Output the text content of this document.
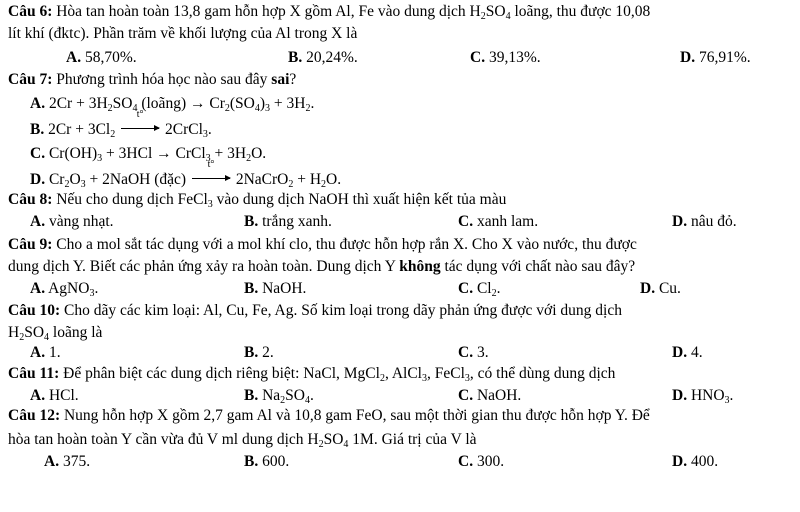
Câu 6: Hòa tan hoàn toàn 13,8 gam hỗn hợp X gồm Al, Fe vào dung dịch $H_2SO_4$ loãng, thu được 10,08
lít khí (đktc). Phần trăm về khối lượng của Al trong X là
A. 58,70%.	B. 20,24%.	C. 39,13%.	D. 76,91%.
Câu 7: Phương trình hóa học nào sau đây sai?
A. $2Cr + 3H_2SO_4$ (loãng) → $Cr_2(SO_4)_3 + 3H_2$.
B. $2Cr + 3Cl_2$
t°
2CrCl$_3$.
C. $Cr(OH)_3 + 3HCl$ → CrCl$_3$ + $3H_2O$.
D. $Cr_2O_3$ + 2NaOH (đặc)
t°
2NaCrO$_2$ + $H_2O$.
Câu 8: Nếu cho dung dịch FeCl$_3$ vào dung dịch NaOH thì xuất hiện kết tủa màu
A. vàng nhạt.	B. trắng xanh.	C. xanh lam.	D. nâu đỏ.
Câu 9: Cho a mol sắt tác dụng với a mol khí clo, thu được hỗn hợp rắn X. Cho X vào nước, thu được
dung dịch Y. Biết các phản ứng xảy ra hoàn toàn. Dung dịch Y không tác dụng với chất nào sau đây?
A. AgNO$_3$.	B. NaOH.	C. $Cl_2$.	D. Cu.
Câu 10: Cho dãy các kim loại: Al, Cu, Fe, Ag. Số kim loại trong dãy phản ứng được với dung dịch
$H_2SO_4$ loãng là
A. 1.	B. 2.	C. 3.	D. 4.
Câu 11: Để phân biệt các dung dịch riêng biệt: NaCl, MgCl$_2$, AlCl$_3$, FeCl$_3$, có thể dùng dung dịch
A. HCl.	B. $Na_2SO_4$.	C. NaOH.	D. $HNO_3$.
Câu 12: Nung hỗn hợp X gồm 2,7 gam Al và 10,8 gam FeO, sau một thời gian thu được hỗn hợp Y. Để
hòa tan hoàn toàn Y cần vừa đủ V ml dung dịch $H_2SO_4$ 1M. Giá trị của V là
A. 375.	B. 600.	C. 300.	D. 400.
